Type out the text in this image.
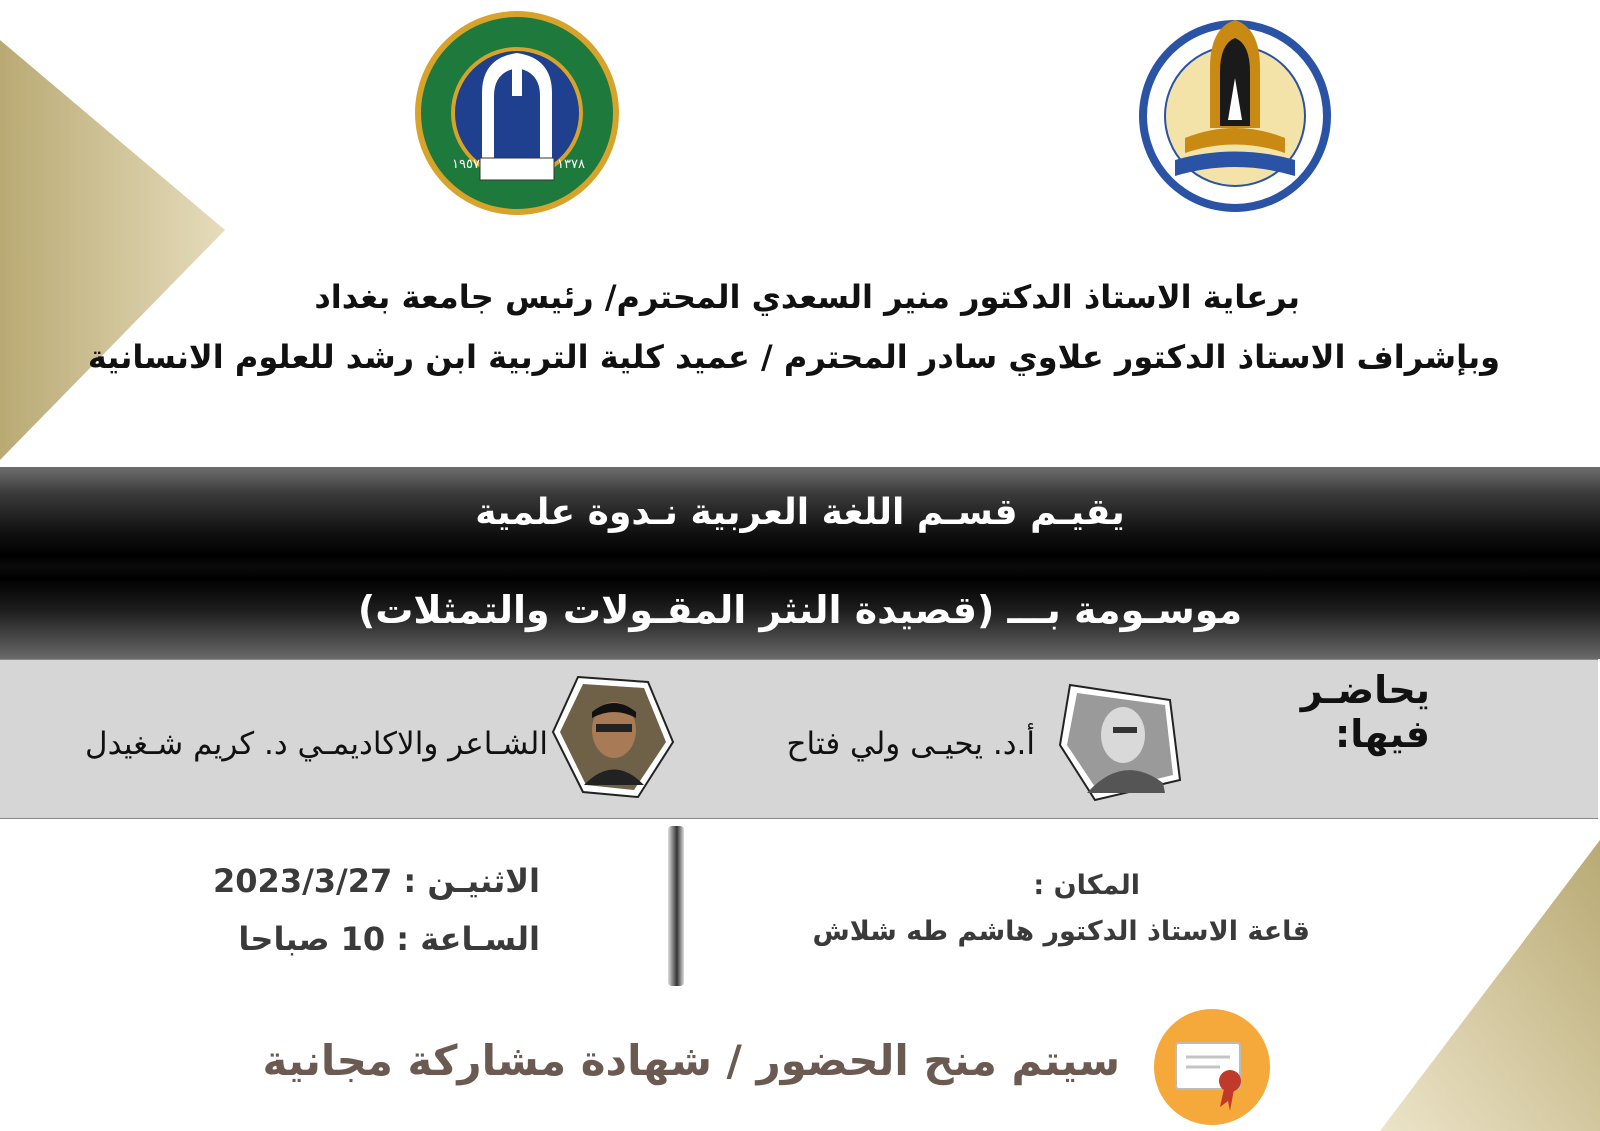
١٩٥٧	١٣٧٨
برعاية الاستاذ الدكتور منير السعدي المحترم/ رئيس جامعة بغداد
وبإشراف الاستاذ الدكتور علاوي سادر المحترم / عميد كلية التربية ابن رشد للعلوم الانسانية
يقيـم قسـم اللغة العربية نـدوة علمية
موسـومة بـــ (قصيدة النثر المقـولات والتمثلات)
يحاضـر فيها:
أ.د. يحيـى ولي فتاح
الشـاعر والاكاديمـي د. كريم شـغيدل
الاثنيـن : 2023/3/27
السـاعة : 10 صباحا
المكان :
قاعة الاستاذ الدكتور هاشم طه شلاش
سيتم منح الحضور / شهادة مشاركة مجانية
